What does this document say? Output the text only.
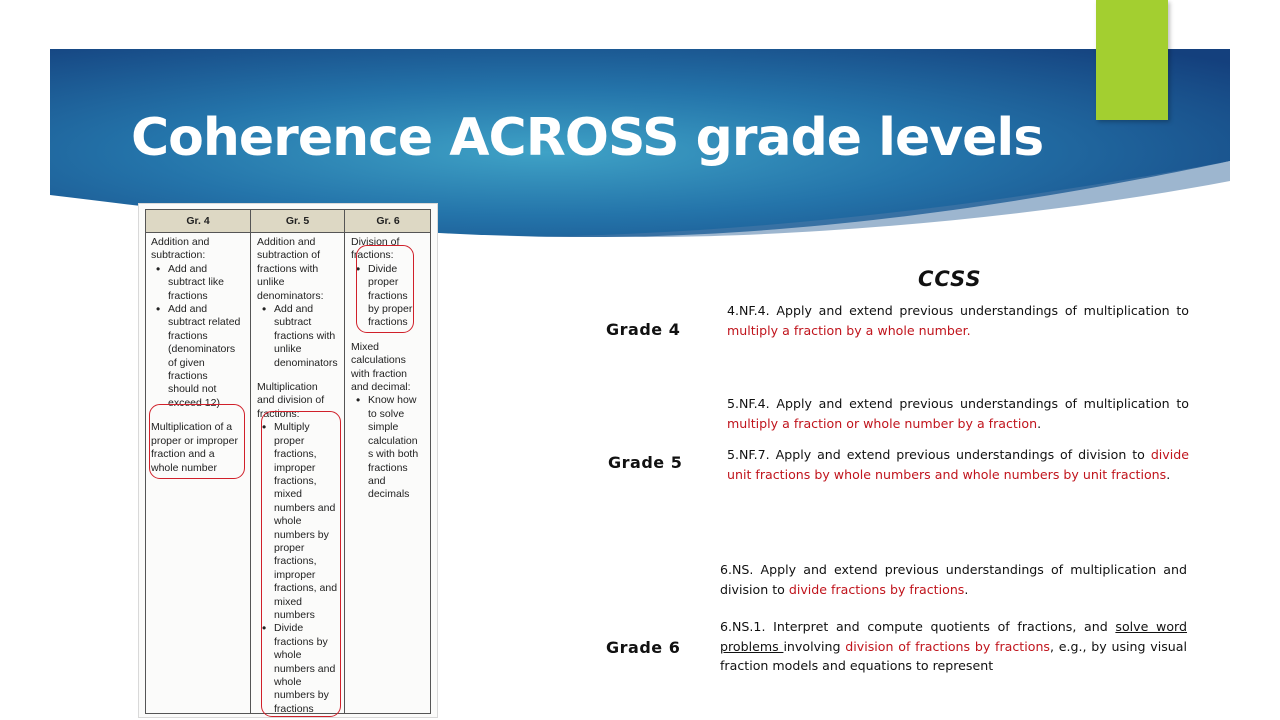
Coherence ACROSS grade levels
Gr. 4	Gr. 5	Gr. 6

Addition and
subtraction:

• Add and
subtract like
fractions
• Add and
subtract related
fractions
(denominators
of given
fractions
should not
exceed 12)

Multiplication of a
proper or improper
fraction and a
whole number

Addition and
subtraction of
fractions with
unlike
denominators:

• Add and
subtract
fractions with
unlike
denominators

Multiplication
and division of
fractions:

• Multiply
proper
fractions,
improper
fractions,
mixed
numbers and
whole
numbers by
proper
fractions,
improper
fractions, and
mixed
numbers
• Divide
fractions by
whole
numbers and
whole
numbers by
fractions

Division of
fractions:

• Divide
proper
fractions
by proper
fractions

Mixed
calculations
with fraction
and decimal:

• Know how
to solve
simple
calculation
s with both
fractions
and
decimals
CCSS
Grade 4
4.NF.4. Apply and extend previous understandings of multiplication to multiply a fraction by a whole number.
Grade 5
5.NF.4. Apply and extend previous understandings of multiplication to multiply a fraction or whole number by a fraction.
5.NF.7. Apply and extend previous understandings of division to divide unit fractions by whole numbers and whole numbers by unit fractions.
Grade 6
6.NS. Apply and extend previous understandings of multiplication and division to divide fractions by fractions.
6.NS.1. Interpret and compute quotients of fractions, and solve word problems involving division of fractions by fractions, e.g., by using visual fraction models and equations to represent
